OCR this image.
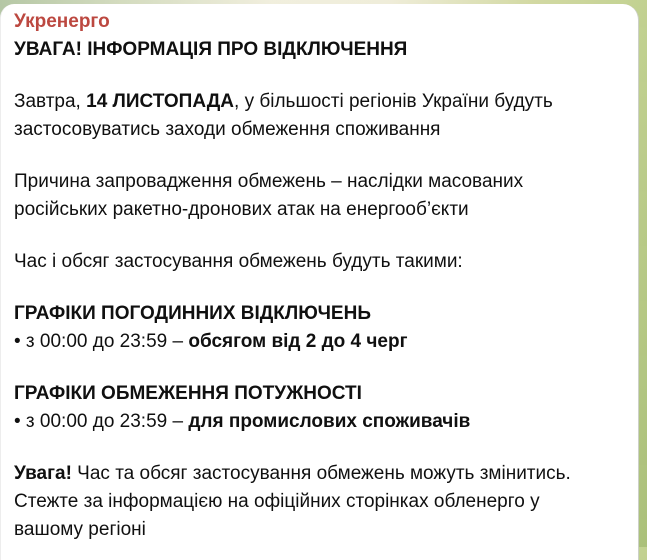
Укренерго
УВАГА! ІНФОРМАЦІЯ ПРО ВІДКЛЮЧЕННЯ
Завтра, 14 ЛИСТОПАДА, у більшості регіонів України будуть
застосовуватись заходи обмеження споживання
Причина запровадження обмежень – наслідки масованих
російських ракетно-дронових атак на енергооб’єкти
Час і обсяг застосування обмежень будуть такими:
ГРАФІКИ ПОГОДИННИХ ВІДКЛЮЧЕНЬ
• з 00:00 до 23:59 – обсягом від 2 до 4 черг
ГРАФІКИ ОБМЕЖЕННЯ ПОТУЖНОСТІ
• з 00:00 до 23:59 – для промислових споживачів
Увага! Час та обсяг застосування обмежень можуть змінитись.
Стежте за інформацією на офіційних сторінках обленерго у
вашому регіоні
